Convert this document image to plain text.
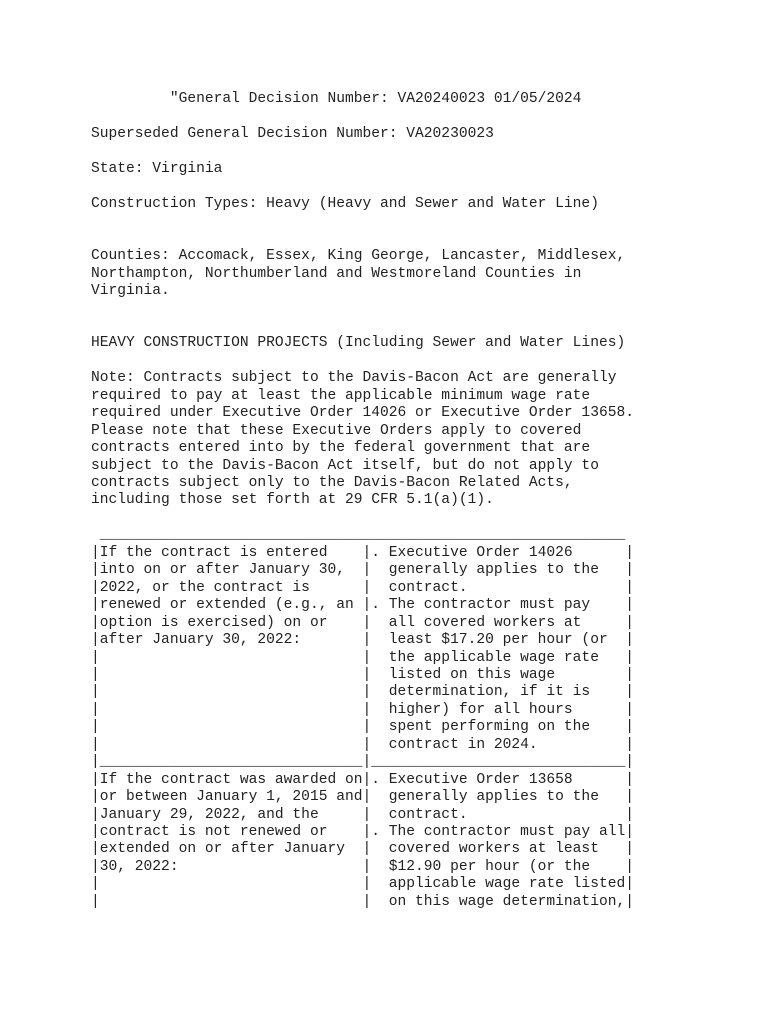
"General Decision Number: VA20240023 01/05/2024

Superseded General Decision Number: VA20230023

State: Virginia

Construction Types: Heavy (Heavy and Sewer and Water Line)

Counties: Accomack, Essex, King George, Lancaster, Middlesex,
Northampton, Northumberland and Westmoreland Counties in
Virginia.

HEAVY CONSTRUCTION PROJECTS (Including Sewer and Water Lines)

Note: Contracts subject to the Davis-Bacon Act are generally
required to pay at least the applicable minimum wage rate
required under Executive Order 14026 or Executive Order 13658.
Please note that these Executive Orders apply to covered
contracts entered into by the federal government that are
subject to the Davis-Bacon Act itself, but do not apply to
contracts subject only to the Davis-Bacon Related Acts,
including those set forth at 29 CFR 5.1(a)(1).

____________________________________________________________
|If the contract is entered    |. Executive Order 14026      |
|into on or after January 30,  |  generally applies to the   |
|2022, or the contract is      |  contract.                  |
|renewed or extended (e.g., an |. The contractor must pay    |
|option is exercised) on or    |  all covered workers at     |
|after January 30, 2022:       |  least $17.20 per hour (or  |
|                              |  the applicable wage rate   |
|                              |  listed on this wage        |
|                              |  determination, if it is    |
|                              |  higher) for all hours      |
|                              |  spent performing on the    |
|                              |  contract in 2024.          |
|______________________________|_____________________________|
|If the contract was awarded on|. Executive Order 13658      |
|or between January 1, 2015 and|  generally applies to the   |
|January 29, 2022, and the     |  contract.                  |
|contract is not renewed or    |. The contractor must pay all|
|extended on or after January  |  covered workers at least   |
|30, 2022:                     |  $12.90 per hour (or the    |
|                              |  applicable wage rate listed|
|                              |  on this wage determination,|
